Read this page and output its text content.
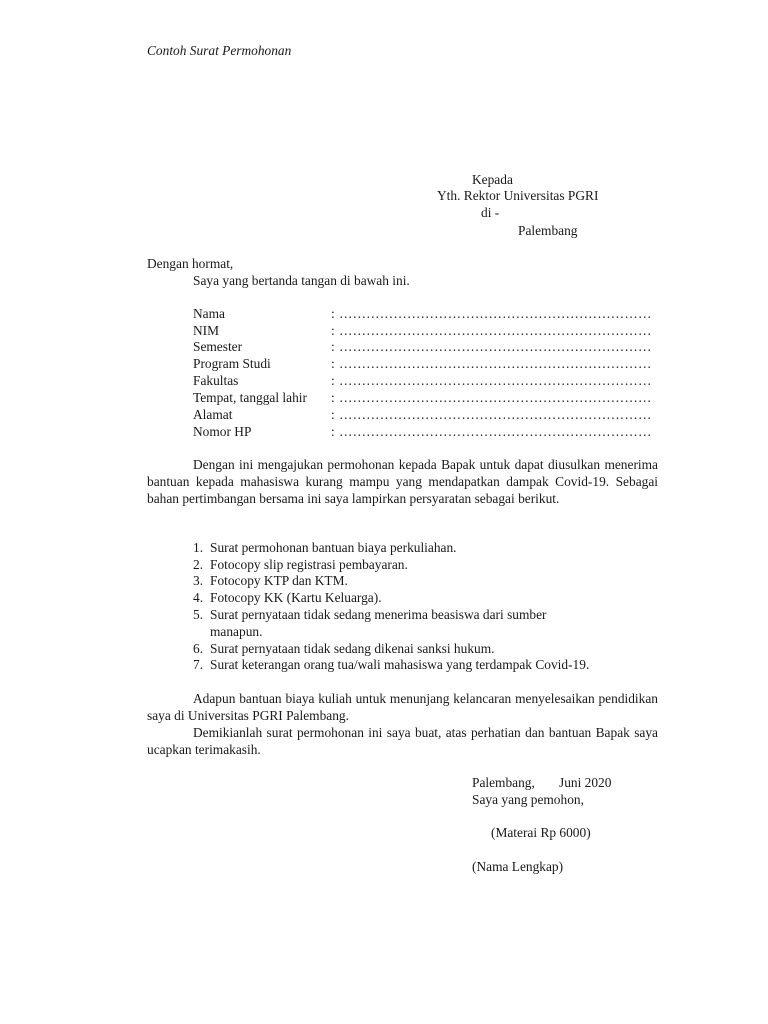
Contoh Surat Permohonan
Kepada
Yth. Rektor Universitas PGRI
di -
Palembang
Dengan hormat,
Saya yang bertanda tangan di bawah ini.
Nama	: ……………………………………………………………
NIM	: ……………………………………………………………
Semester	: ……………………………………………………………
Program Studi	: ……………………………………………………………
Fakultas	: ……………………………………………………………
Tempat, tanggal lahir : ……………………………………………………………
Alamat	: ……………………………………………………………
Nomor HP	: ……………………………………………………………
Dengan ini mengajukan permohonan kepada Bapak untuk dapat diusulkan menerima bantuan kepada mahasiswa kurang mampu yang mendapatkan dampak Covid-19. Sebagai bahan pertimbangan bersama ini saya lampirkan persyaratan sebagai berikut.
1. Surat permohonan bantuan biaya perkuliahan.
2. Fotocopy slip registrasi pembayaran.
3. Fotocopy KTP dan KTM.
4. Fotocopy KK (Kartu Keluarga).
5. Surat pernyataan tidak sedang menerima beasiswa dari sumber manapun.
6. Surat pernyataan tidak sedang dikenai sanksi hukum.
7. Surat keterangan orang tua/wali mahasiswa yang terdampak Covid-19.
Adapun bantuan biaya kuliah untuk menunjang kelancaran menyelesaikan pendidikan saya di Universitas PGRI Palembang.
Demikianlah surat permohonan ini saya buat, atas perhatian dan bantuan Bapak saya ucapkan terimakasih.
Palembang, Juni 2020
Saya yang pemohon,
(Materai Rp 6000)
(Nama Lengkap)
